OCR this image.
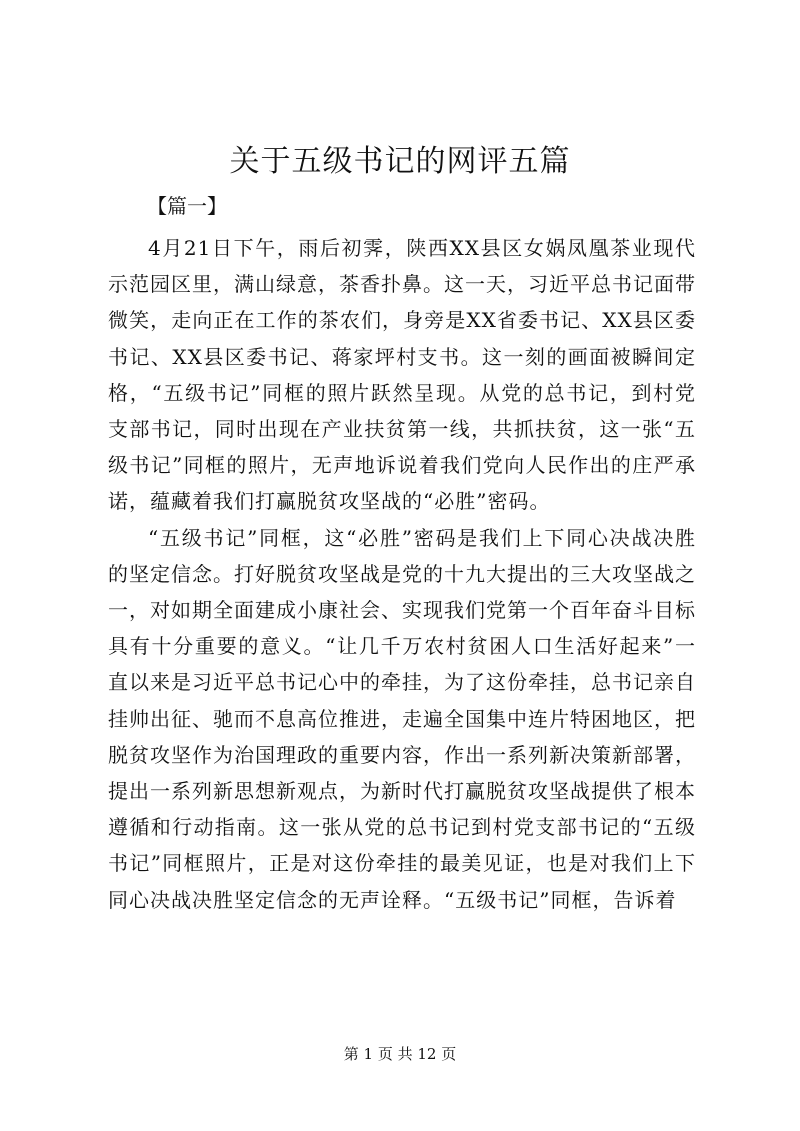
关于五级书记的网评五篇

【篇一】

4月21日下午，雨后初霁，陕西XX县区女娲凤凰茶业现代示范园区里，满山绿意，茶香扑鼻。这一天，习近平总书记面带微笑，走向正在工作的茶农们，身旁是XX省委书记、XX县区委书记、XX县区委书记、蒋家坪村支书。这一刻的画面被瞬间定格，“五级书记”同框的照片跃然呈现。从党的总书记，到村党支部书记，同时出现在产业扶贫第一线，共抓扶贫，这一张“五级书记”同框的照片，无声地诉说着我们党向人民作出的庄严承诺，蕴藏着我们打赢脱贫攻坚战的“必胜”密码。

“五级书记”同框，这“必胜”密码是我们上下同心决战决胜的坚定信念。打好脱贫攻坚战是党的十九大提出的三大攻坚战之一，对如期全面建成小康社会、实现我们党第一个百年奋斗目标具有十分重要的意义。“让几千万农村贫困人口生活好起来”一直以来是习近平总书记心中的牵挂，为了这份牵挂，总书记亲自挂帅出征、驰而不息高位推进，走遍全国集中连片特困地区，把脱贫攻坚作为治国理政的重要内容，作出一系列新决策新部署，提出一系列新思想新观点，为新时代打赢脱贫攻坚战提供了根本遵循和行动指南。这一张从党的总书记到村党支部书记的“五级书记”同框照片，正是对这份牵挂的最美见证，也是对我们上下同心决战决胜坚定信念的无声诠释。“五级书记”同框，告诉着

第 1 页 共 12 页
